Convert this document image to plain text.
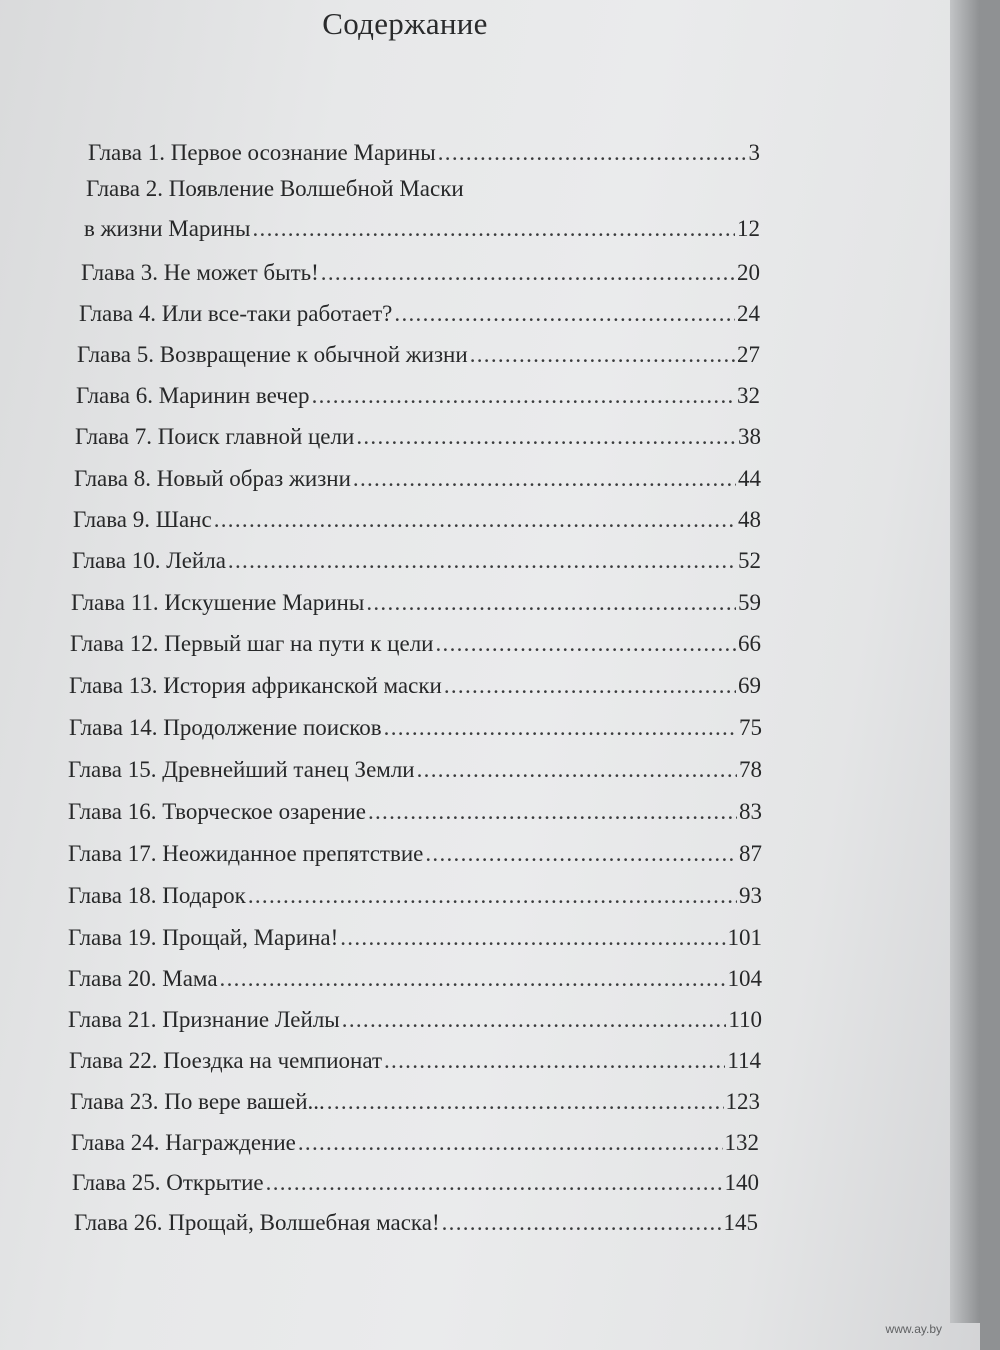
Содержание
Глава 1. Первое осознание Марины .....	3
Глава 2. Появление Волшебной Маски
в жизни Марины .....	12
Глава 3. Не может быть! .....	20
Глава 4. Или все-таки работает? .....	24
Глава 5. Возвращение к обычной жизни .....	27
Глава 6. Маринин вечер .....	32
Глава 7. Поиск главной цели .....	38
Глава 8. Новый образ жизни .....	44
Глава 9. Шанс .....	48
Глава 10. Лейла .....	52
Глава 11. Искушение Марины .....	59
Глава 12. Первый шаг на пути к цели .....	66
Глава 13. История африканской маски .....	69
Глава 14. Продолжение поисков .....	75
Глава 15. Древнейший танец Земли .....	78
Глава 16. Творческое озарение .....	83
Глава 17. Неожиданное препятствие .....	87
Глава 18. Подарок .....	93
Глава 19. Прощай, Марина! .....	101
Глава 20. Мама .....	104
Глава 21. Признание Лейлы .....	110
Глава 22. Поездка на чемпионат .....	114
Глава 23. По вере вашей... .....	123
Глава 24. Награждение .....	132
Глава 25. Открытие .....	140
Глава 26. Прощай, Волшебная маска! .....	145
www.ay.by
